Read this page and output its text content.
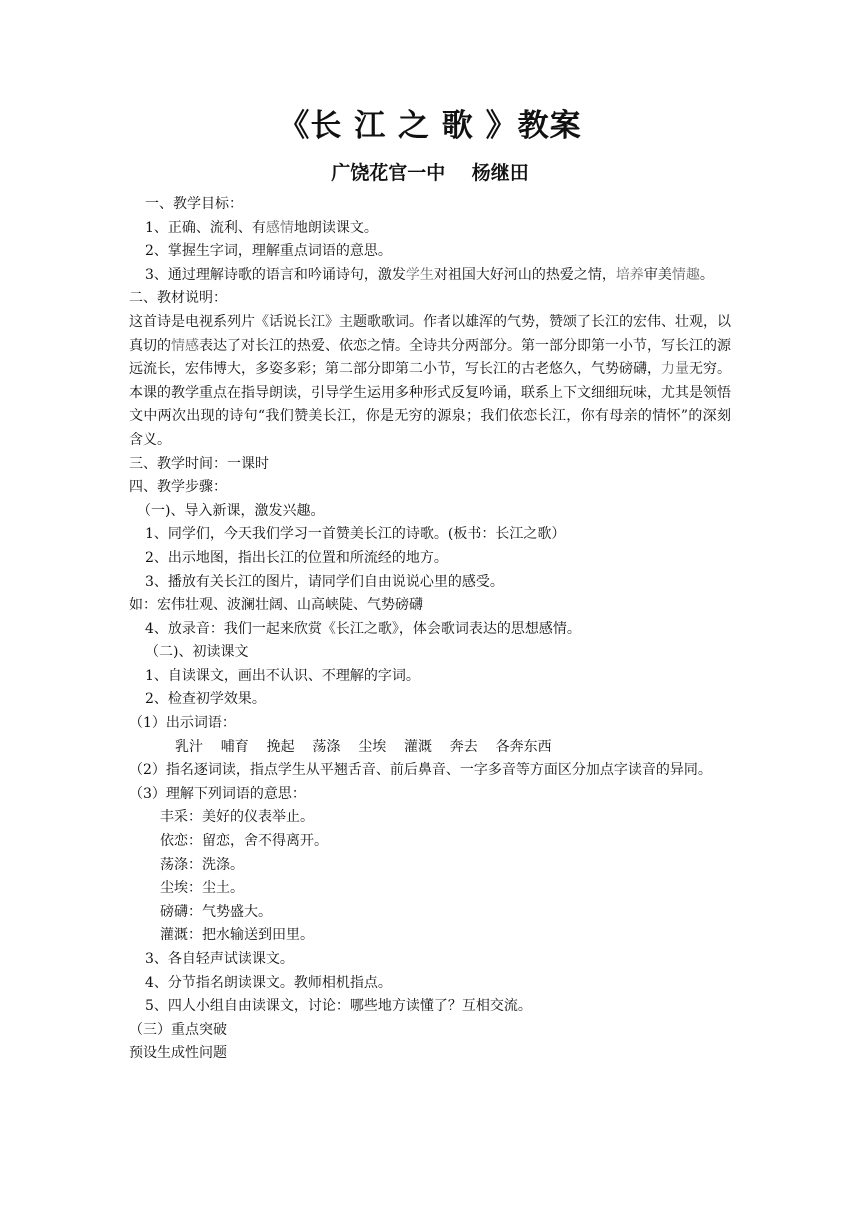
《长 江 之 歌 》教案
广饶花官一中    杨继田
一、教学目标：
1、正确、流利、有感情地朗读课文。
2、掌握生字词，理解重点词语的意思。
3、通过理解诗歌的语言和吟诵诗句，激发学生对祖国大好河山的热爱之情，培养审美情趣。
二、教材说明：
这首诗是电视系列片《话说长江》主题歌歌词。作者以雄浑的气势，赞颂了长江的宏伟、壮观，以真切的情感表达了对长江的热爱、依恋之情。全诗共分两部分。第一部分即第一小节，写长江的源远流长，宏伟博大，多姿多彩；第二部分即第二小节，写长江的古老悠久，气势磅礴，力量无穷。
本课的教学重点在指导朗读，引导学生运用多种形式反复吟诵，联系上下文细细玩味，尤其是领悟文中两次出现的诗句“我们赞美长江，你是无穷的源泉；我们依恋长江，你有母亲的情怀”的深刻含义。
三、教学时间：一课时
四、教学步骤：
（一)、导入新课，激发兴趣。
1、同学们，今天我们学习一首赞美长江的诗歌。(板书：长江之歌）
2、出示地图，指出长江的位置和所流经的地方。
3、播放有关长江的图片，请同学们自由说说心里的感受。
如：宏伟壮观、波澜壮阔、山高峡陡、气势磅礴
4、放录音：我们一起来欣赏《长江之歌》，体会歌词表达的思想感情。
（二)、初读课文
1、自读课文，画出不认识、不理解的字词。
2、检查初学效果。
（1）出示词语：
乳汁    哺育    挽起    荡涤    尘埃    灌溉    奔去    各奔东西
（2）指名逐词读，指点学生从平翘舌音、前后鼻音、一字多音等方面区分加点字读音的异同。
（3）理解下列词语的意思：
丰采：美好的仪表举止。
依恋：留恋，舍不得离开。
荡涤：洗涤。
尘埃：尘土。
磅礴：气势盛大。
灌溉：把水输送到田里。
3、各自轻声试读课文。
4、分节指名朗读课文。教师相机指点。
5、四人小组自由读课文，讨论：哪些地方读懂了？互相交流。
（三）重点突破
预设生成性问题
